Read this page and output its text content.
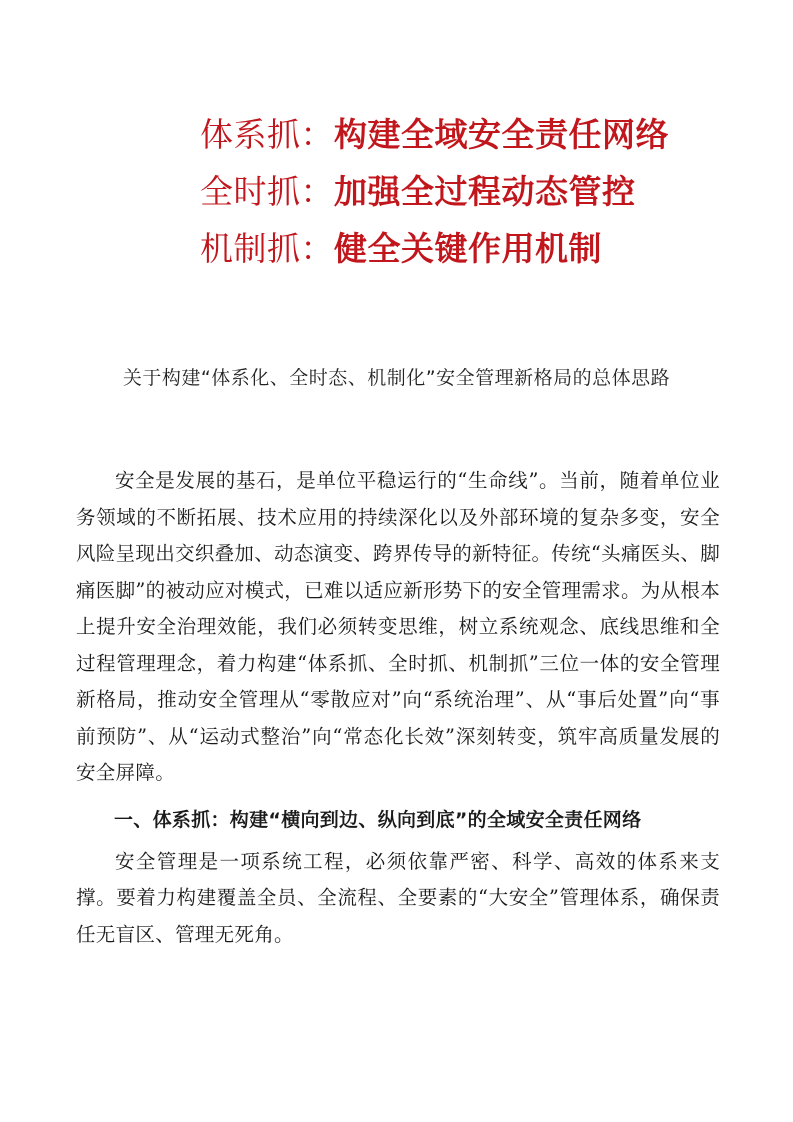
体系抓：构建全域安全责任网络
全时抓：加强全过程动态管控
机制抓：健全关键作用机制
关于构建“体系化、全时态、机制化”安全管理新格局的总体思路

安全是发展的基石，是单位平稳运行的“生命线”。当前，随着单位业务领域的不断拓展、技术应用的持续深化以及外部环境的复杂多变，安全风险呈现出交织叠加、动态演变、跨界传导的新特征。传统“头痛医头、脚痛医脚”的被动应对模式，已难以适应新形势下的安全管理需求。为从根本上提升安全治理效能，我们必须转变思维，树立系统观念、底线思维和全过程管理理念，着力构建“体系抓、全时抓、机制抓”三位一体的安全管理新格局，推动安全管理从“零散应对”向“系统治理”、从“事后处置”向“事前预防”、从“运动式整治”向“常态化长效”深刻转变，筑牢高质量发展的安全屏障。

一、体系抓：构建“横向到边、纵向到底”的全域安全责任网络

安全管理是一项系统工程，必须依靠严密、科学、高效的体系来支撑。要着力构建覆盖全员、全流程、全要素的“大安全”管理体系，确保责任无盲区、管理无死角。
